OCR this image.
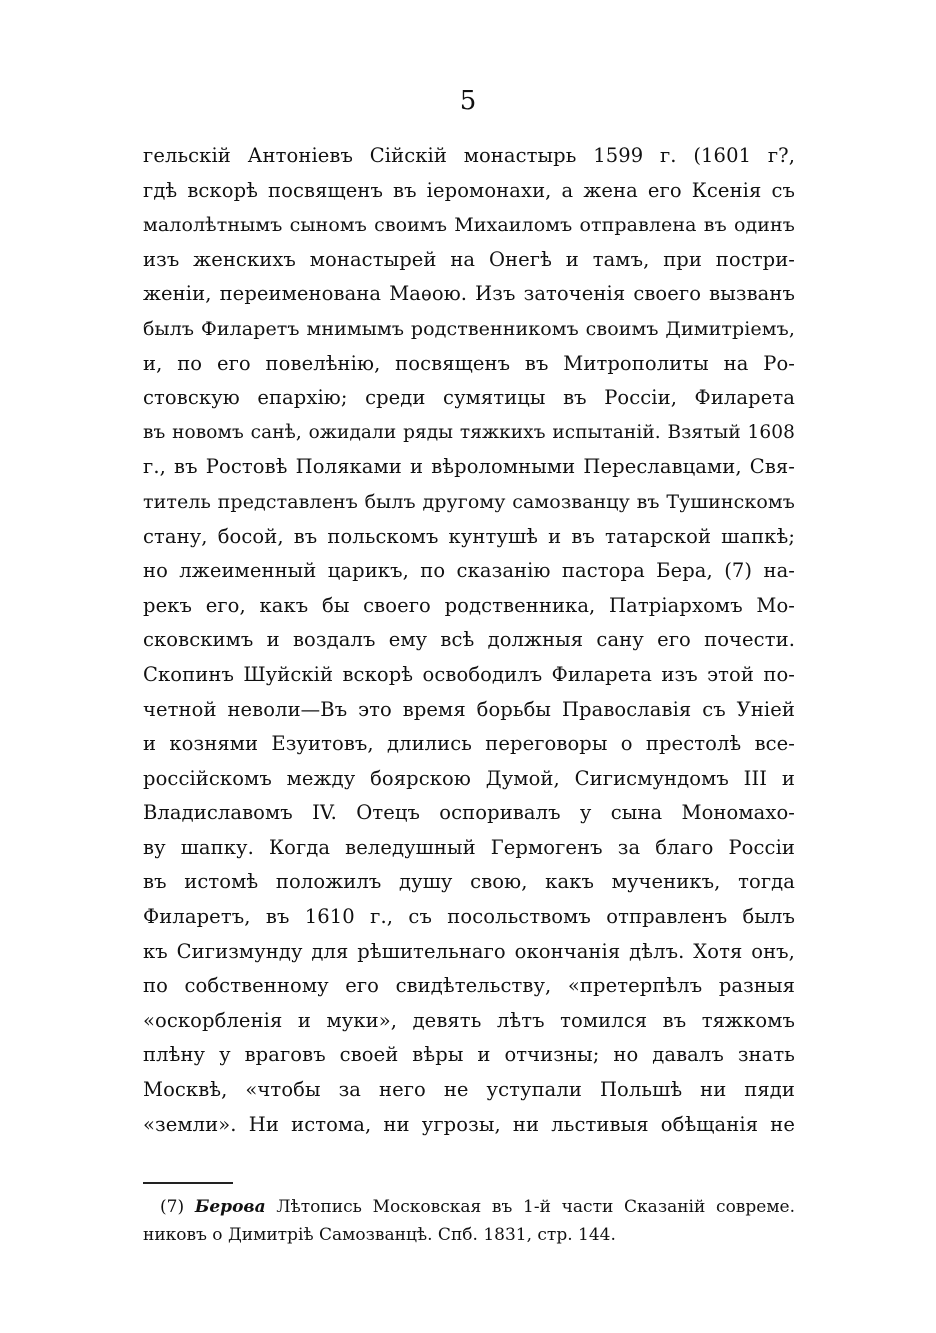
5
гельскій Антоніевъ Сійскій монастырь 1599 г. (1601 г?,
гдѣ вскорѣ посвященъ въ іеромонахи, а жена его Ксенія съ
малолѣтнымъ сыномъ своимъ Михаиломъ отправлена въ одинъ
изъ женскихъ монастырей на Онегѣ и тамъ, при постри-
женіи, переименована Маѳою. Изъ заточенія своего вызванъ
былъ Филаретъ мнимымъ родственникомъ своимъ Димитріемъ,
и, по его повелѣнію, посвященъ въ Митрополиты на Ро-
стовскую епархію; среди сумятицы въ Россіи, Филарета
въ новомъ санѣ, ожидали ряды тяжкихъ испытаній. Взятый 1608
г., въ Ростовѣ Поляками и вѣроломными Переславцами, Свя-
титель представленъ былъ другому самозванцу въ Тушинскомъ
стану, босой, въ польскомъ кунтушѣ и въ татарской шапкѣ;
но лжеименный царикъ, по сказанію пастора Бера, (7) на-
рекъ его, какъ бы своего родственника, Патріархомъ Мо-
сковскимъ и воздалъ ему всѣ должныя сану его почести.
Скопинъ Шуйскій вскорѣ освободилъ Филарета изъ этой по-
четной неволи—Въ это время борьбы Православія съ Уніей
и кознями Езуитовъ, длились переговоры о престолѣ все-
россійскомъ между боярскою Думой, Сигисмундомъ III и
Владиславомъ IV. Отецъ оспоривалъ у сына Мономахо-
ву шапку. Когда веледушный Гермогенъ за благо Россіи
въ истомѣ положилъ душу свою, какъ мученикъ, тогда
Филаретъ, въ 1610 г., съ посольствомъ отправленъ былъ
къ Сигизмунду для рѣшительнаго окончанія дѣлъ. Хотя онъ,
по собственному его свидѣтельству, «претерпѣлъ разныя
«оскорбленія и муки», девять лѣтъ томился въ тяжкомъ
плѣну у враговъ своей вѣры и отчизны; но давалъ знать
Москвѣ, «чтобы за него не уступали Польшѣ ни пяди
«земли». Ни истома, ни угрозы, ни льстивыя обѣщанія не
(7) Берова Лѣтопись Московская въ 1-й части Сказаній совреме.
никовъ о Димитріѣ Самозванцѣ. Спб. 1831, стр. 144.
